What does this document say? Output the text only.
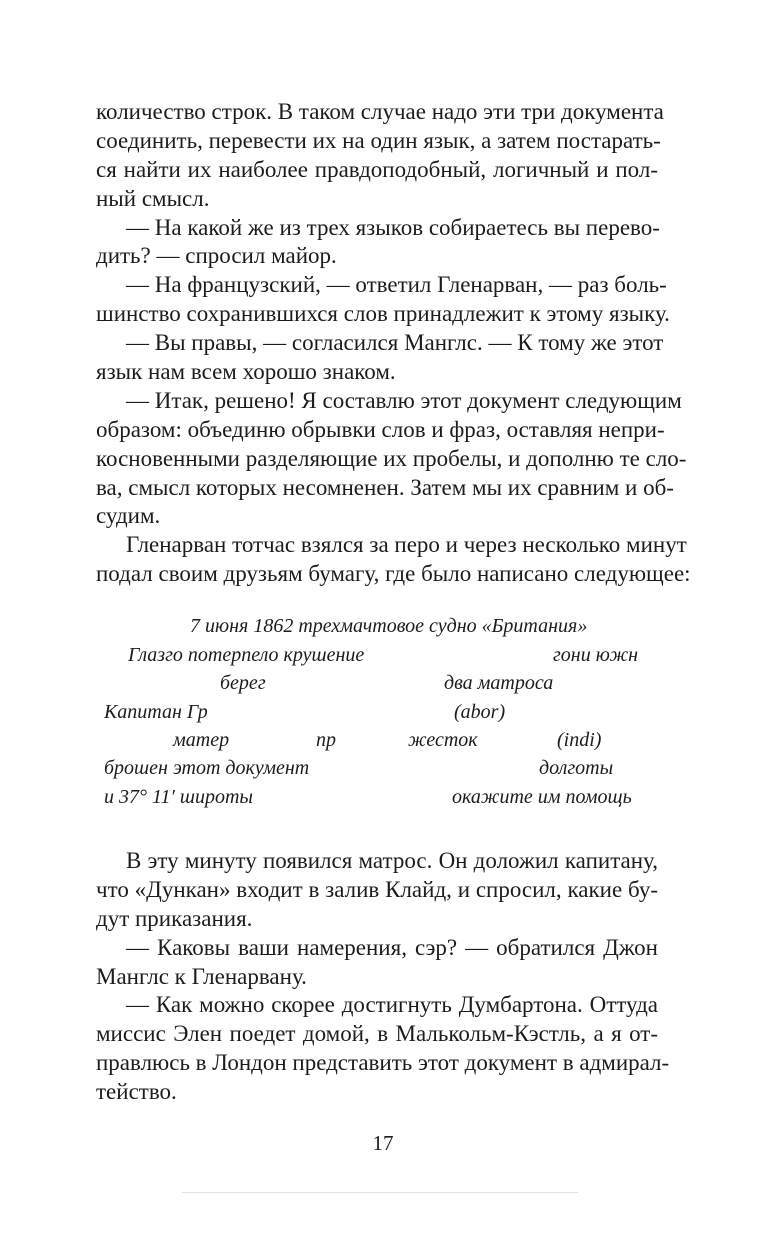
количество строк. В таком случае надо эти три документа
соединить, перевести их на один язык, а затем постарать-
ся найти их наиболее правдоподобный, логичный и пол-
ный смысл.
— На какой же из трех языков собираетесь вы перево-
дить? — спросил майор.
— На французский, — ответил Гленарван, — раз боль-
шинство сохранившихся слов принадлежит к этому языку.
— Вы правы, — согласился Манглс. — К тому же этот
язык нам всем хорошо знаком.
— Итак, решено! Я составлю этот документ следующим
образом: объединю обрывки слов и фраз, оставляя непри-
косновенными разделяющие их пробелы, и дополню те сло-
ва, смысл которых несомненен. Затем мы их сравним и об-
судим.
Гленарван тотчас взялся за перо и через несколько минут
подал своим друзьям бумагу, где было написано следующее:
7 июня 1862 трехмачтовое судно «Британия»
Глазго потерпело крушение	гони южн
берег	два матроса
Капитан Гр	(abor)
матер	пр	жесток	(indi)
брошен этот документ	долготы
и 37° 11′ широты	окажите им помощь
В эту минуту появился матрос. Он доложил капитану,
что «Дункан» входит в залив Клайд, и спросил, какие бу-
дут приказания.
— Каковы ваши намерения, сэр? — обратился Джон
Манглс к Гленарвану.
— Как можно скорее достигнуть Думбартона. Оттуда
миссис Элен поедет домой, в Малькольм-Кэстль, а я от-
правлюсь в Лондон представить этот документ в адмирал-
тейство.
17
